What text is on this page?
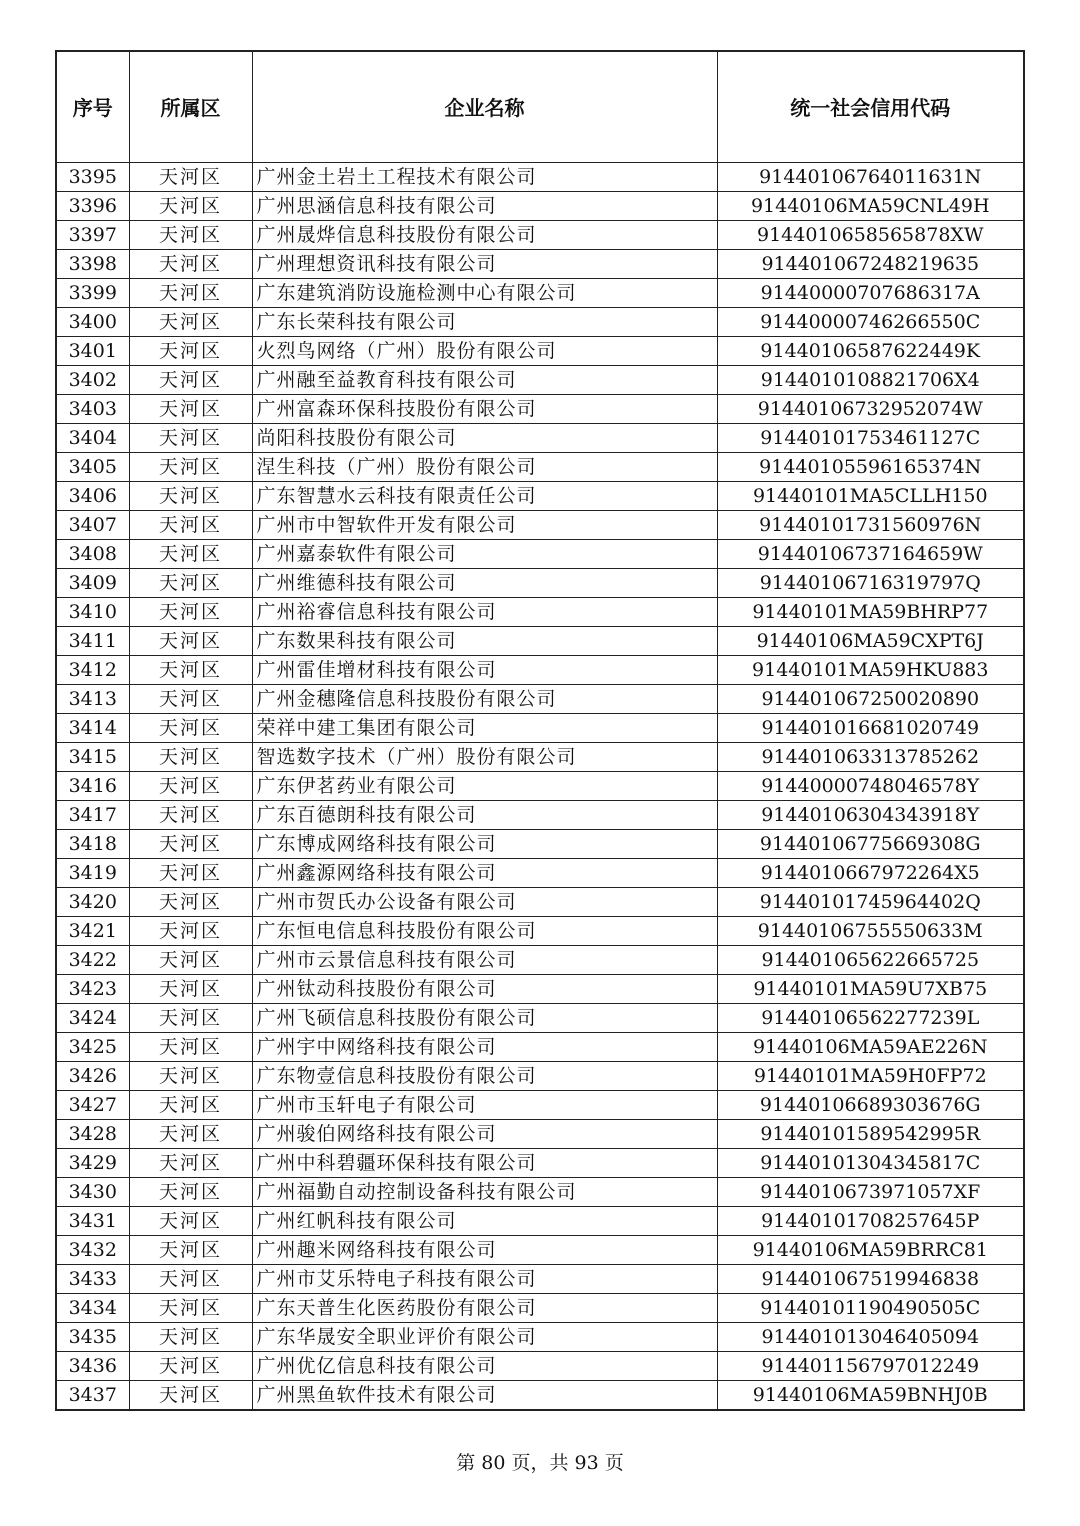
序号	所属区	企业名称	统一社会信用代码
3395	天河区	广州金土岩土工程技术有限公司	91440106764011631N
3396	天河区	广州思涵信息科技有限公司	91440106MA59CNL49H
3397	天河区	广州晟烨信息科技股份有限公司	9144010658565878XW
3398	天河区	广州理想资讯科技有限公司	914401067248219635
3399	天河区	广东建筑消防设施检测中心有限公司	91440000707686317A
3400	天河区	广东长荣科技有限公司	91440000746266550C
3401	天河区	火烈鸟网络（广州）股份有限公司	91440106587622449K
3402	天河区	广州融至益教育科技有限公司	9144010108821706X4
3403	天河区	广州富森环保科技股份有限公司	91440106732952074W
3404	天河区	尚阳科技股份有限公司	91440101753461127C
3405	天河区	涅生科技（广州）股份有限公司	91440105596165374N
3406	天河区	广东智慧水云科技有限责任公司	91440101MA5CLLH150
3407	天河区	广州市中智软件开发有限公司	91440101731560976N
3408	天河区	广州嘉泰软件有限公司	91440106737164659W
3409	天河区	广州维德科技有限公司	91440106716319797Q
3410	天河区	广州裕睿信息科技有限公司	91440101MA59BHRP77
3411	天河区	广东数果科技有限公司	91440106MA59CXPT6J
3412	天河区	广州雷佳增材科技有限公司	91440101MA59HKU883
3413	天河区	广州金穗隆信息科技股份有限公司	914401067250020890
3414	天河区	荣祥中建工集团有限公司	914401016681020749
3415	天河区	智选数字技术（广州）股份有限公司	914401063313785262
3416	天河区	广东伊茗药业有限公司	91440000748046578Y
3417	天河区	广东百德朗科技有限公司	91440106304343918Y
3418	天河区	广东博成网络科技有限公司	91440106775669308G
3419	天河区	广州鑫源网络科技有限公司	9144010667972264X5
3420	天河区	广州市贺氏办公设备有限公司	91440101745964402Q
3421	天河区	广东恒电信息科技股份有限公司	91440106755550633M
3422	天河区	广州市云景信息科技有限公司	914401065622665725
3423	天河区	广州钛动科技股份有限公司	91440101MA59U7XB75
3424	天河区	广州飞硕信息科技股份有限公司	91440106562277239L
3425	天河区	广州宇中网络科技有限公司	91440106MA59AE226N
3426	天河区	广东物壹信息科技股份有限公司	91440101MA59H0FP72
3427	天河区	广州市玉轩电子有限公司	91440106689303676G
3428	天河区	广州骏伯网络科技有限公司	91440101589542995R
3429	天河区	广州中科碧疆环保科技有限公司	91440101304345817C
3430	天河区	广州福勤自动控制设备科技有限公司	9144010673971057XF
3431	天河区	广州红帆科技有限公司	91440101708257645P
3432	天河区	广州趣米网络科技有限公司	91440106MA59BRRC81
3433	天河区	广州市艾乐特电子科技有限公司	914401067519946838
3434	天河区	广东天普生化医药股份有限公司	91440101190490505C
3435	天河区	广东华晟安全职业评价有限公司	914401013046405094
3436	天河区	广州优亿信息科技有限公司	914401156797012249
3437	天河区	广州黑鱼软件技术有限公司	91440106MA59BNHJ0B
第 80 页，共 93 页
